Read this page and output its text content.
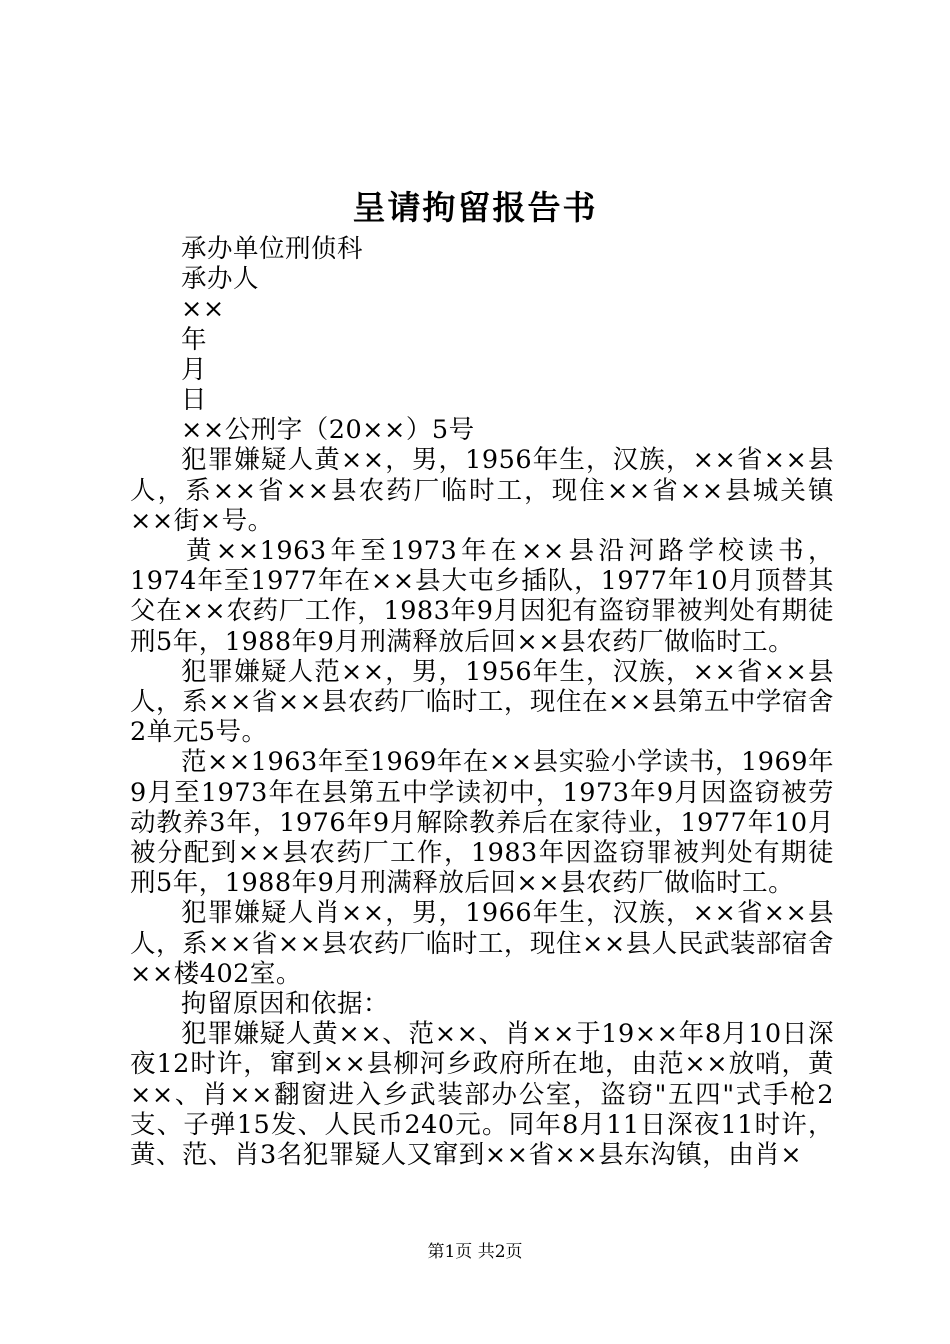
呈请拘留报告书

承办单位刑侦科

承办人

××

年

月

日

××公刑字（20××）5号

犯罪嫌疑人黄××，男，1956年生，汉族，××省××县人，系××省××县农药厂临时工，现住××省××县城关镇××街×号。

黄××1963年至1973年在××县沿河路学校读书，1974年至1977年在××县大屯乡插队，1977年10月顶替其父在××农药厂工作，1983年9月因犯有盗窃罪被判处有期徒刑5年，1988年9月刑满释放后回××县农药厂做临时工。

犯罪嫌疑人范××，男，1956年生，汉族，××省××县人，系××省××县农药厂临时工，现住在××县第五中学宿舍2单元5号。

范××1963年至1969年在××县实验小学读书，1969年9月至1973年在县第五中学读初中，1973年9月因盗窃被劳动教养3年，1976年9月解除教养后在家待业，1977年10月被分配到××县农药厂工作，1983年因盗窃罪被判处有期徒刑5年，1988年9月刑满释放后回××县农药厂做临时工。

犯罪嫌疑人肖××，男，1966年生，汉族，××省××县人，系××省××县农药厂临时工，现住××县人民武装部宿舍××楼402室。

拘留原因和依据：

犯罪嫌疑人黄××、范××、肖××于19××年8月10日深夜12时许，窜到××县柳河乡政府所在地，由范××放哨，黄××、肖××翻窗进入乡武装部办公室，盗窃"五四"式手枪2支、子弹15发、人民币240元。同年8月11日深夜11时许，黄、范、肖3名犯罪疑人又窜到××省××县东沟镇，由肖×

第1页 共2页
